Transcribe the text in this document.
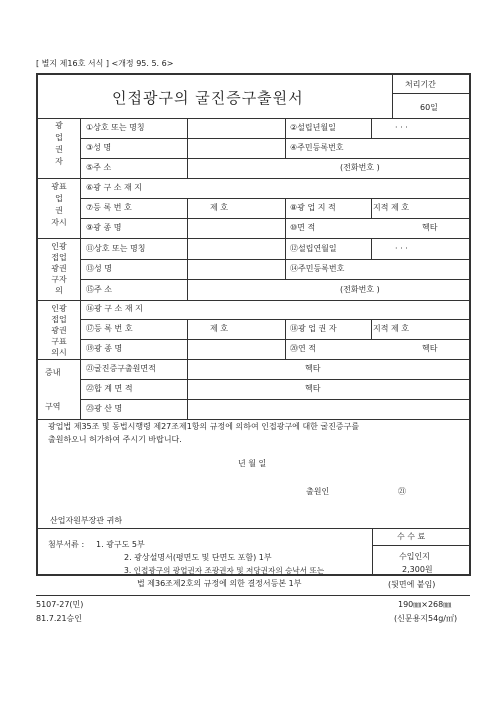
[ 별지 제16호 서식 ] <개정 95. 5. 6>
인접광구의 굴진증구출원서
처리기간
60일
광
업
권
자
①상호 또는 명칭	②설립년월일	· · ·
③성 명	④주민등록번호
⑤주 소	(전화번호 )
광표
업
권
자시
⑥광 구 소 재 지
⑦등 록 번 호	제 호	⑧광 업 지 적	지적 제 호
⑨광 종 명	⑩면 적	헥타
인광
접업
광권
구자
의
⑪상호 또는 명칭	⑫설립연월일	· · ·
⑬성 명	⑭주민등록번호
⑮주 소	(전화번호 )
인광
접업
광권
구표
의시
⑯광 구 소 재 지
⑰등 록 번 호	제 호	⑱광 업 권 자	지적 제 호
⑲광 종 명	⑳연 적	헥타
증내
구역
㉑굴진증구출원면적	헥타
㉒합 계 면 적	헥타
㉓광 산 명
광업법 제35조 및 동법시행령 제27조제1항의 규정에 의하여 인접광구에 대한 굴진증구를
출원하오니 허가하여 주시기 바랍니다.
년 월 일
출원인	㉑
산업자원부장관 귀하
첨부서류 : 1. 광구도 5부
2. 광상설명서(평면도 및 단면도 포함) 1부
3. 인접광구의 광업권자 조광권자 및 저당권자의 승낙서 또는
법 제36조제2호의 규정에 의한 결정서등본 1부
수 수 료
수입인지
2,300원
(뒷면에 붙임)
5107-27(민)
81.7.21승인
190㎜×268㎜
(신문용지54g/㎡)
